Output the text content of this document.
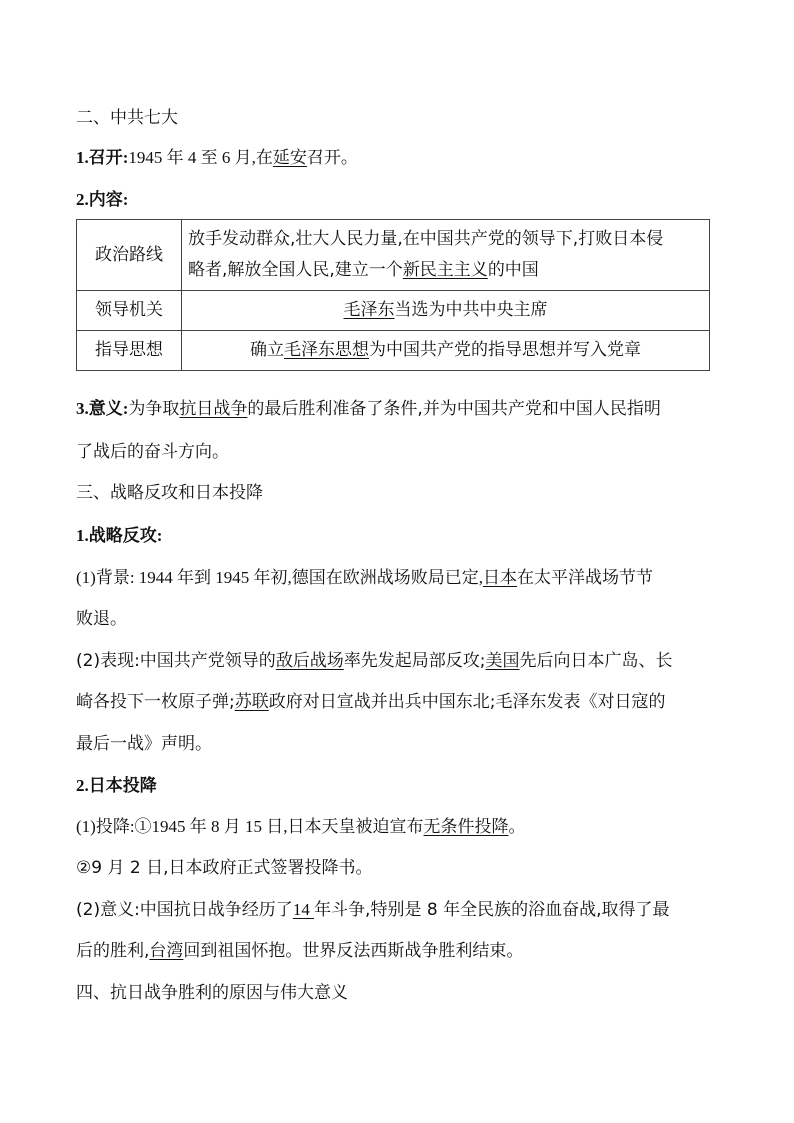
二、中共七大
1.召开:1945 年 4 至 6 月,在延安召开。
2.内容:
政治路线	放手发动群众,壮大人民力量,在中国共产党的领导下,打败日本侵
略者,解放全国人民,建立一个新民主主义的中国

领导机关	毛泽东当选为中共中央主席
指导思想	确立毛泽东思想为中国共产党的指导思想并写入党章
3.意义:为争取抗日战争的最后胜利准备了条件,并为中国共产党和中国人民指明
了战后的奋斗方向。
三、战略反攻和日本投降
1.战略反攻:
(1)背景: 1944 年到 1945 年初,德国在欧洲战场败局已定,日本在太平洋战场节节
败退。
(2)表现:中国共产党领导的敌后战场率先发起局部反攻;美国先后向日本广岛、长
崎各投下一枚原子弹;苏联政府对日宣战并出兵中国东北;毛泽东发表《对日寇的
最后一战》声明。
2.日本投降
(1)投降:①1945 年 8 月 15 日,日本天皇被迫宣布无条件投降。
②9 月 2 日,日本政府正式签署投降书。
(2)意义:中国抗日战争经历了14 年斗争,特别是 8 年全民族的浴血奋战,取得了最
后的胜利,台湾回到祖国怀抱。世界反法西斯战争胜利结束。
四、抗日战争胜利的原因与伟大意义
